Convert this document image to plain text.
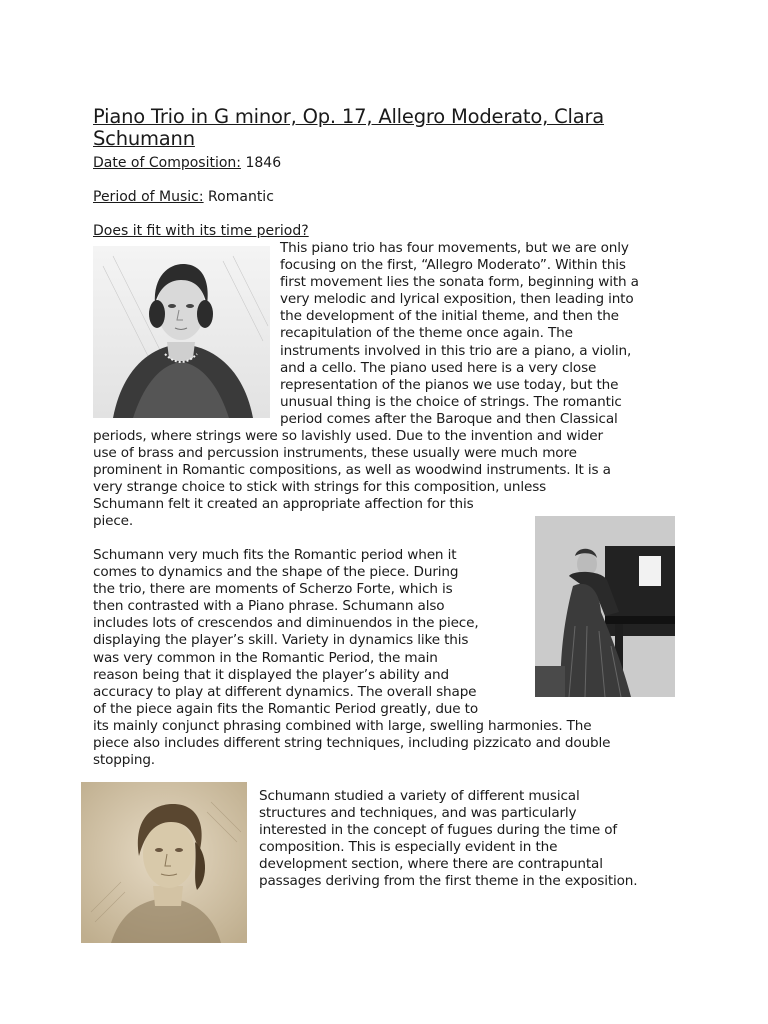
Piano Trio in G minor, Op. 17, Allegro Moderato, Clara
Schumann
Date of Composition: 1846
Period of Music: Romantic
Does it fit with its time period?
This piano trio has four movements, but we are only
focusing on the first, “Allegro Moderato”. Within this
first movement lies the sonata form, beginning with a
very melodic and lyrical exposition, then leading into
the development of the initial theme, and then the
recapitulation of the theme once again. The
instruments involved in this trio are a piano, a violin,
and a cello. The piano used here is a very close
representation of the pianos we use today, but the
unusual thing is the choice of strings. The romantic
period comes after the Baroque and then Classical
periods, where strings were so lavishly used. Due to the invention and wider
use of brass and percussion instruments, these usually were much more
prominent in Romantic compositions, as well as woodwind instruments. It is a
very strange choice to stick with strings for this composition, unless
Schumann felt it created an appropriate affection for this
piece.
Schumann very much fits the Romantic period when it
comes to dynamics and the shape of the piece. During
the trio, there are moments of Scherzo Forte, which is
then contrasted with a Piano phrase. Schumann also
includes lots of crescendos and diminuendos in the piece,
displaying the player’s skill. Variety in dynamics like this
was very common in the Romantic Period, the main
reason being that it displayed the player’s ability and
accuracy to play at different dynamics. The overall shape
of the piece again fits the Romantic Period greatly, due to
its mainly conjunct phrasing combined with large, swelling harmonies. The
piece also includes different string techniques, including pizzicato and double
stopping.
Schumann studied a variety of different musical
structures and techniques, and was particularly
interested in the concept of fugues during the time of
composition. This is especially evident in the
development section, where there are contrapuntal
passages deriving from the first theme in the exposition.
